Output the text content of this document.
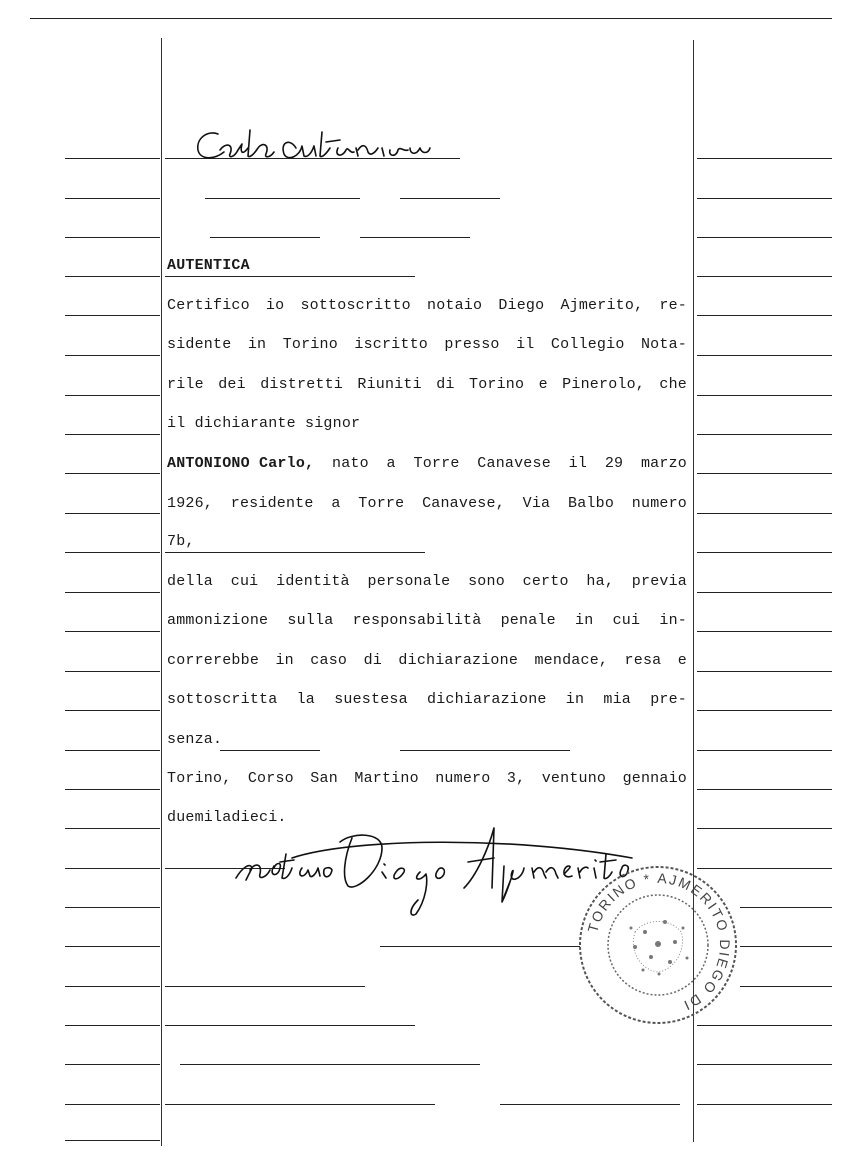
AUTENTICA
Certifico io sottoscritto notaio Diego Ajmerito, re-
sidente in Torino iscritto presso il Collegio Nota-
rile dei distretti Riuniti di Torino e Pinerolo, che
il dichiarante signor
ANTONIONO Carlo, nato a Torre Canavese il 29 marzo
1926, residente a Torre Canavese, Via Balbo numero
7b,
della cui identità personale sono certo ha, previa
ammonizione sulla responsabilità penale in cui in-
correrebbe in caso di dichiarazione mendace, resa e
sottoscritta la suestesa dichiarazione in mia pre-
senza.
Torino, Corso San Martino numero 3, ventuno gennaio
duemiladieci.
TORINO * AJMERITO DIEGO DI
